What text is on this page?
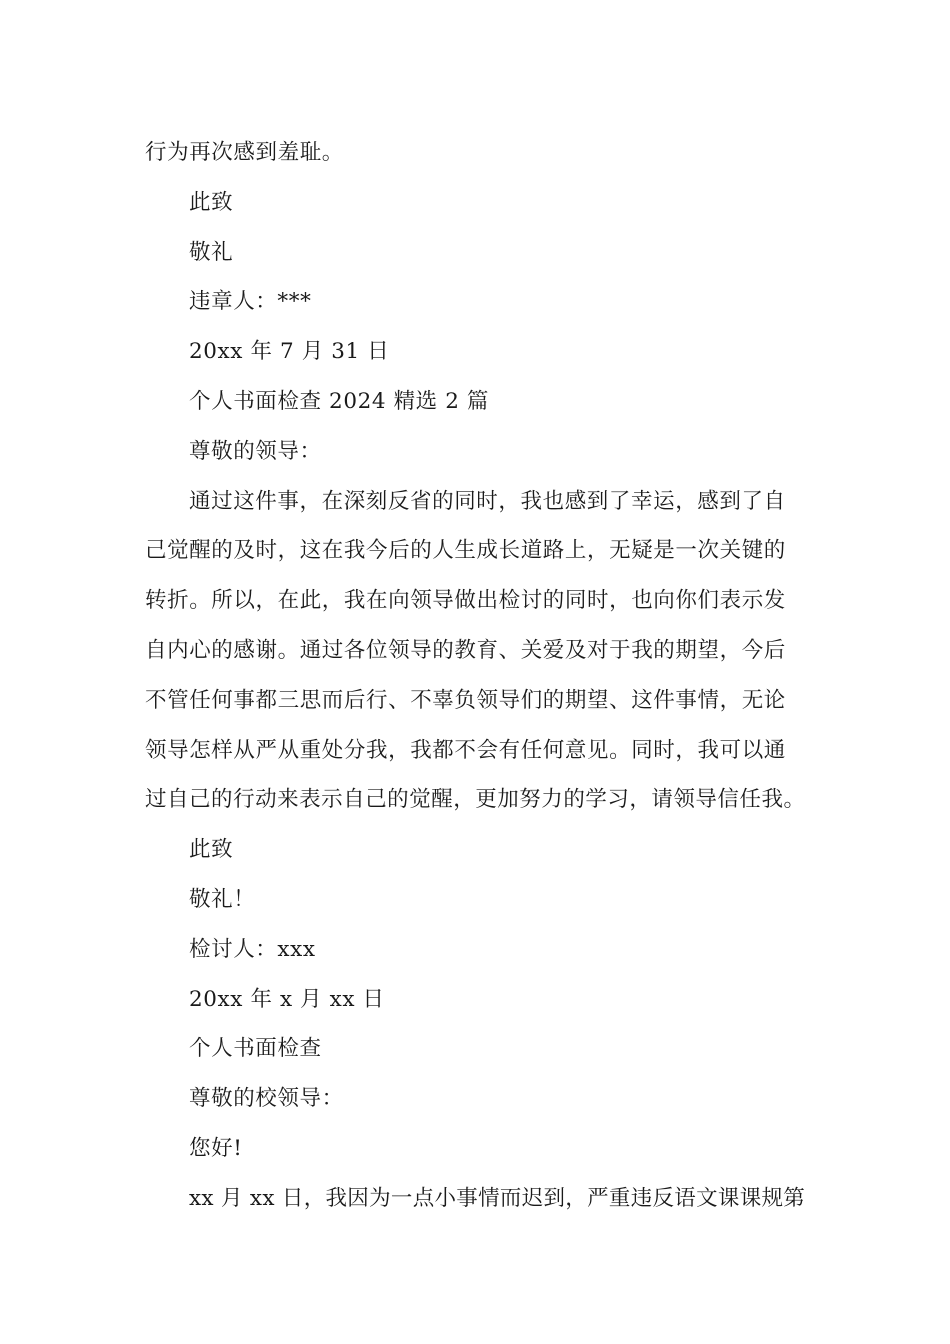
行为再次感到羞耻。
此致
敬礼
违章人：***
20xx 年 7 月 31 日
个人书面检查 2024 精选 2 篇
尊敬的领导：
通过这件事，在深刻反省的同时，我也感到了幸运，感到了自
己觉醒的及时，这在我今后的人生成长道路上，无疑是一次关键的
转折。所以，在此，我在向领导做出检讨的同时，也向你们表示发
自内心的感谢。通过各位领导的教育、关爱及对于我的期望，今后
不管任何事都三思而后行、不辜负领导们的期望、这件事情，无论
领导怎样从严从重处分我，我都不会有任何意见。同时，我可以通
过自己的行动来表示自己的觉醒，更加努力的学习，请领导信任我。
此致
敬礼！
检讨人：xxx
20xx 年 x 月 xx 日
个人书面检查
尊敬的校领导：
您好!
xx 月 xx 日，我因为一点小事情而迟到，严重违反语文课课规第
